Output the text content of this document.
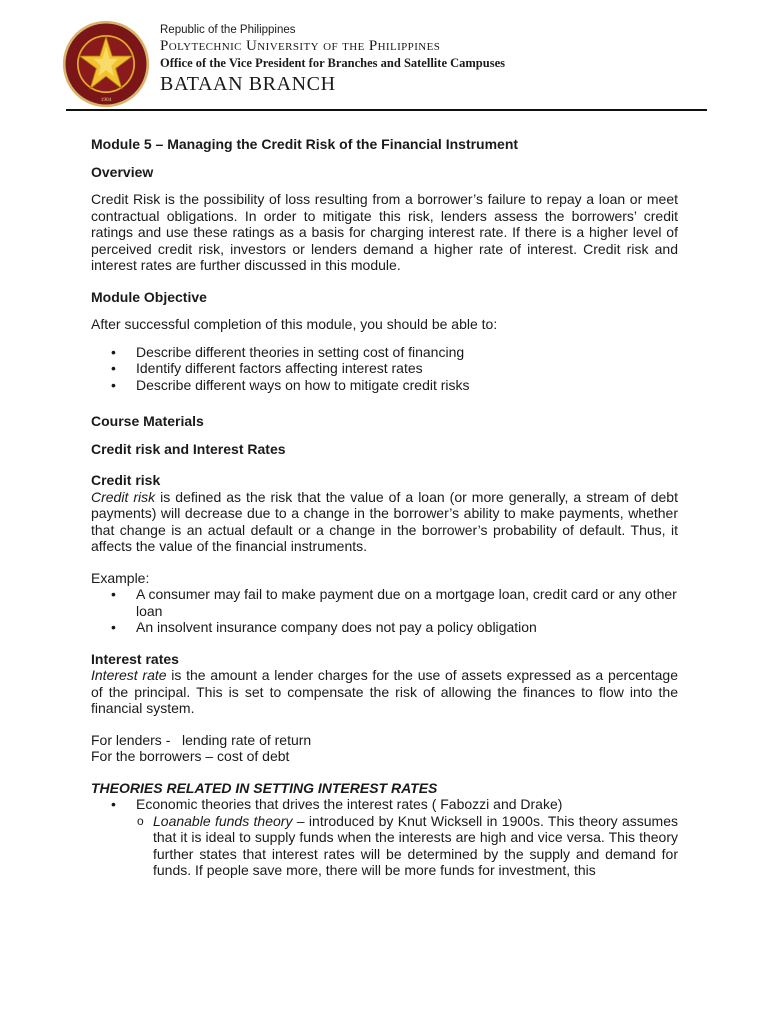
1904
Republic of the Philippines
Polytechnic University of the Philippines
Office of the Vice President for Branches and Satellite Campuses
BATAAN BRANCH

Module 5 – Managing the Credit Risk of the Financial Instrument

Overview

Credit Risk is the possibility of loss resulting from a borrower’s failure to repay a loan or meet contractual obligations. In order to mitigate this risk, lenders assess the borrowers’ credit ratings and use these ratings as a basis for charging interest rate. If there is a higher level of perceived credit risk, investors or lenders demand a higher rate of interest. Credit risk and interest rates are further discussed in this module.

Module Objective

After successful completion of this module, you should be able to:

• Describe different theories in setting cost of financing
• Identify different factors affecting interest rates
• Describe different ways on how to mitigate credit risks

Course Materials

Credit risk and Interest Rates

Credit risk

Credit risk is defined as the risk that the value of a loan (or more generally, a stream of debt payments) will decrease due to a change in the borrower’s ability to make payments, whether that change is an actual default or a change in the borrower’s probability of default. Thus, it affects the value of the financial instruments.

Example:

• A consumer may fail to make payment due on a mortgage loan, credit card or any other loan
• An insolvent insurance company does not pay a policy obligation

Interest rates

Interest rate is the amount a lender charges for the use of assets expressed as a percentage of the principal. This is set to compensate the risk of allowing the finances to flow into the financial system.

For lenders -   lending rate of return

For the borrowers – cost of debt

THEORIES RELATED IN SETTING INTEREST RATES

• Economic theories that drives the interest rates ( Fabozzi and Drake)
o Loanable funds theory – introduced by Knut Wicksell in 1900s. This theory assumes that it is ideal to supply funds when the interests are high and vice versa. This theory further states that interest rates will be determined by the supply and demand for funds. If people save more, there will be more funds for investment, this
